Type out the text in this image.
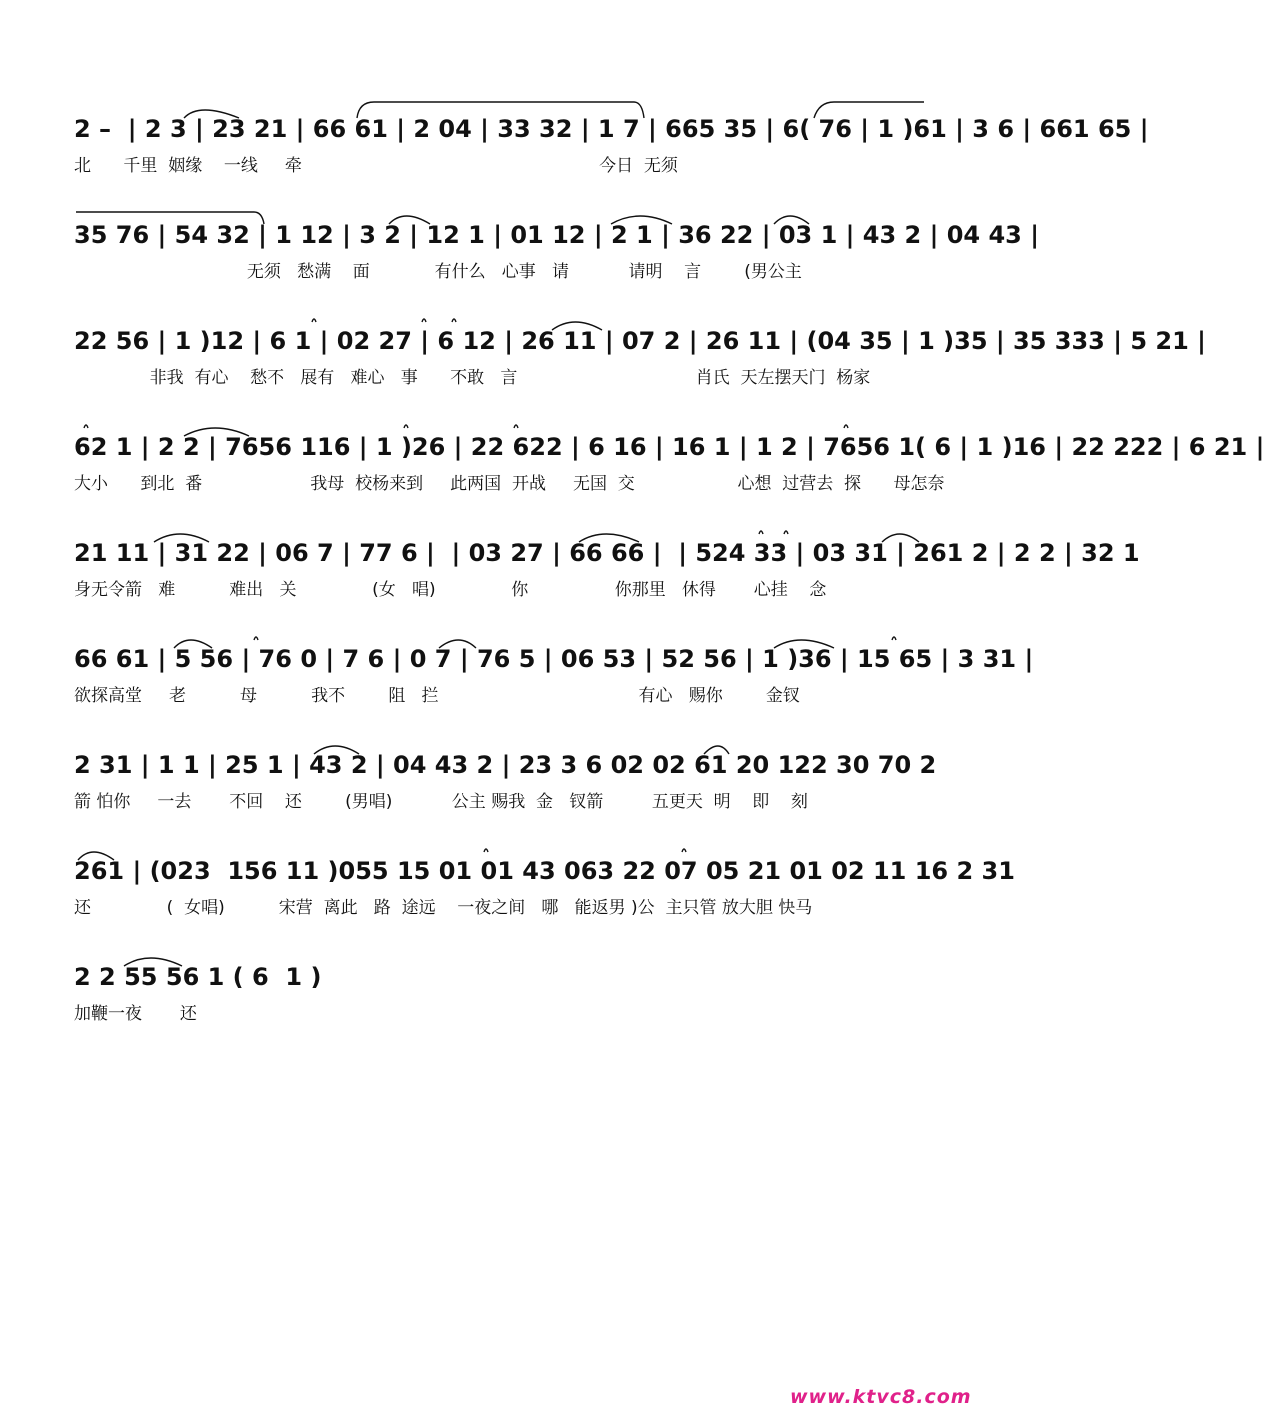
2 –  | 2 3 | 23 21 | 66 61 | 2 04 | 33 32 | 1 7 | 665 35 | 6( 76 | 1 )61 | 3 6 | 661 65 |
北      千里  姻缘    一线     牵                                                       今日  无须
35 76 | 54 32 | 1 12 | 3 2 | 12 1 | 01 12 | 2 1 | 36 22 | 03 1 | 43 2 | 04 43 |
无须   愁满    面            有什么   心事   请           请明    言        (男公主
22 56 | 1 )12 | 6 1 | 02 27 | 6 12 | 26 11 | 07 2 | 26 11 | (04 35 | 1 )35 | 35 333 | 5 21 |
非我  有心    愁不   展有   难心   事      不敢   言                                 肖氏  天左摆天门  杨家
62 1 | 2 2 | 7656 116 | 1 )26 | 22 622 | 6 16 | 16 1 | 1 2 | 7656 1( 6 | 1 )16 | 22 222 | 6 21 |
大小      到北  番                    我母  校杨来到     此两国  开战     无国  交                   心想  过营去  探      母怎奈
21 11 | 31 22 | 06 7 | 77 6 |  | 03 27 | 66 66 |  | 524 33 | 03 31 | 261 2 | 2 2 | 32 1
身无令箭   难          难出   关              (女   唱)              你                你那里   休得       心挂    念
66 61 | 5 56 | 76 0 | 7 6 | 0 7 | 76 5 | 06 53 | 52 56 | 1 )36 | 15 65 | 3 31 |
欲探高堂     老          母          我不        阻   拦                                     有心   赐你        金钗
2 31 | 1 1 | 25 1 | 43 2 | 04 43 2 | 23 3 6 02 02 61 20 122 30 70 2
箭 怕你     一去       不回    还        (男唱)           公主 赐我  金   钗箭         五更天  明    即    刻
261 | (023  156 11 )055 15 01 01 43 063 22 07 05 21 01 02 11 16 2 31
还              (  女唱)          宋营  离此   路  途远    一夜之间   哪   能返男 )公  主只管 放大胆 快马
2 2 55 56 1 ( 6  1 )
加鞭一夜       还
www.ktvc8.com
